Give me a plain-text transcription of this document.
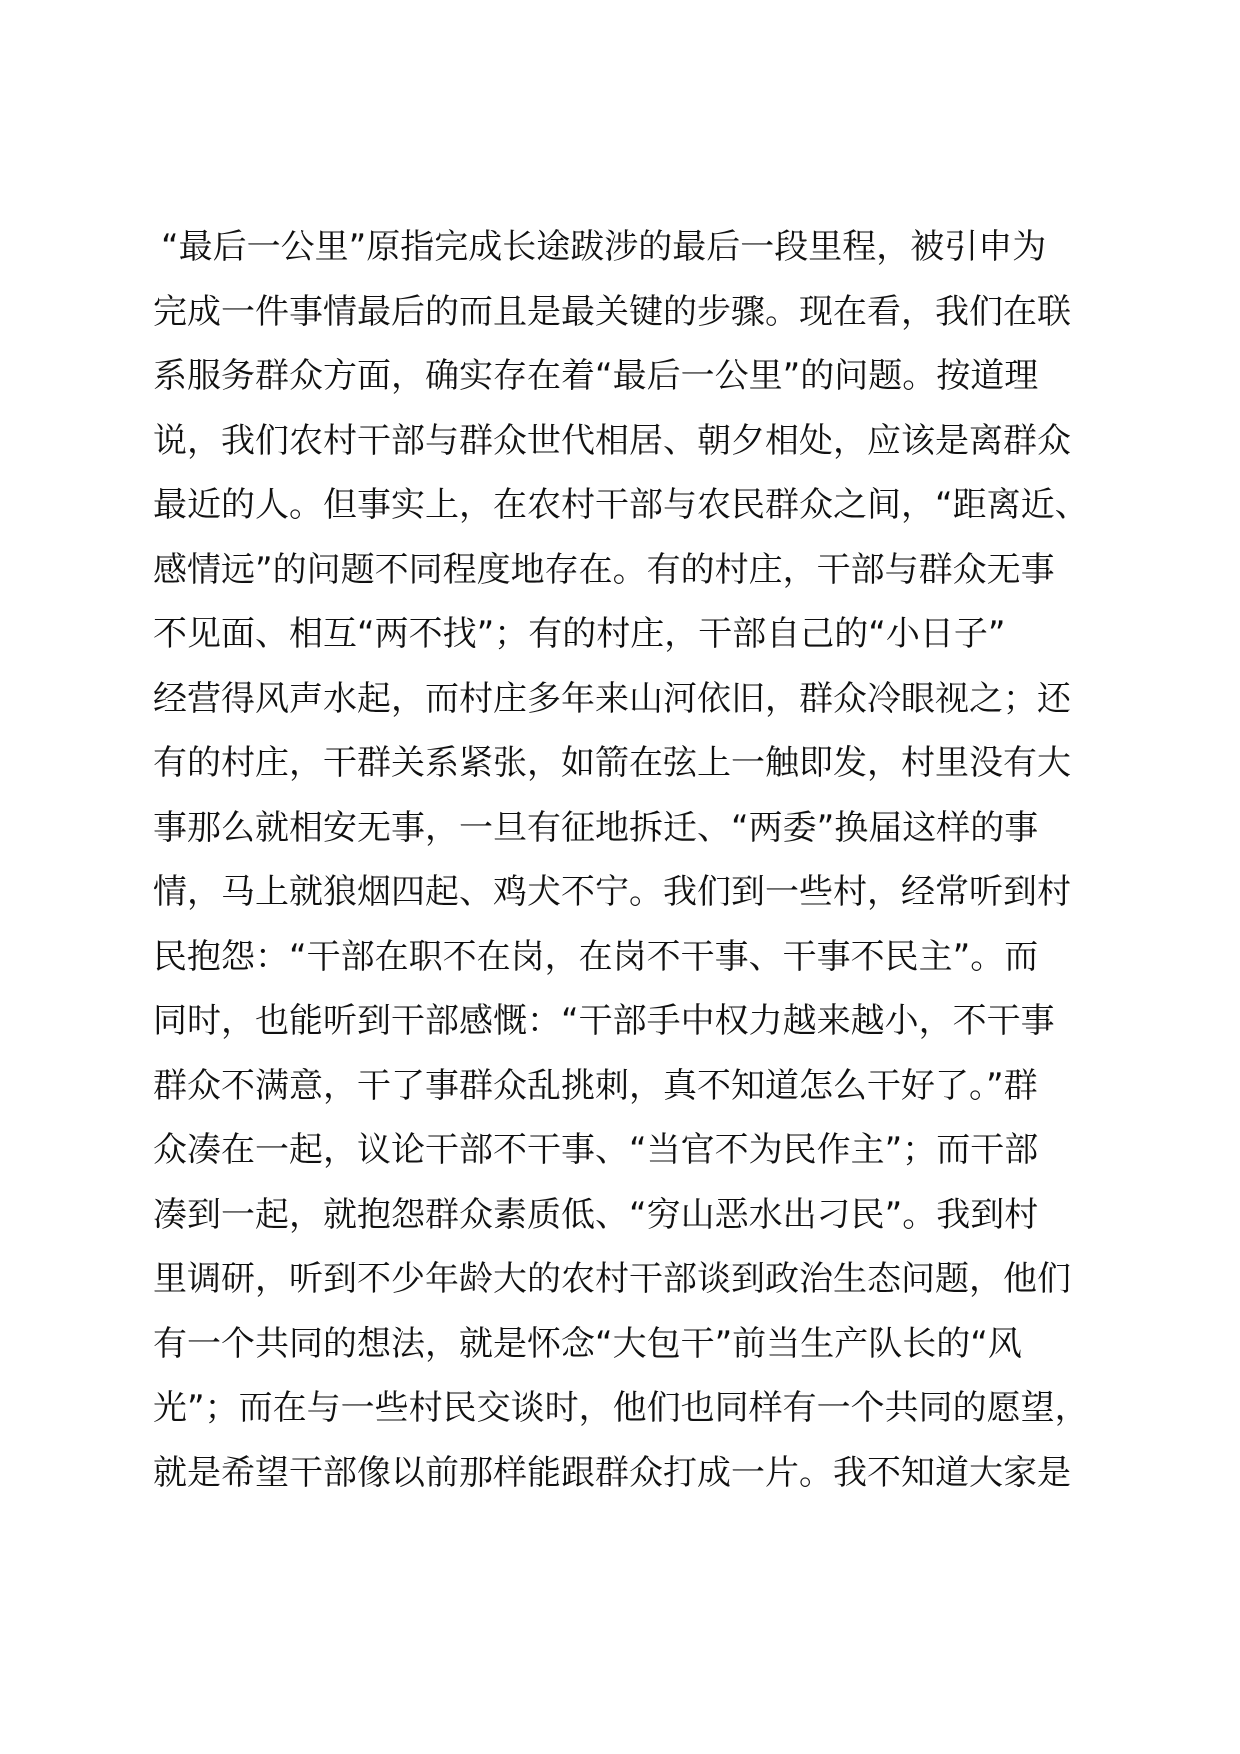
“最后一公里”原指完成长途跋涉的最后一段里程，被引申为
完成一件事情最后的而且是最关键的步骤。现在看，我们在联
系服务群众方面，确实存在着“最后一公里”的问题。按道理
说，我们农村干部与群众世代相居、朝夕相处，应该是离群众
最近的人。但事实上，在农村干部与农民群众之间，“距离近、
感情远”的问题不同程度地存在。有的村庄，干部与群众无事
不见面、相互“两不找”；有的村庄，干部自己的“小日子”
经营得风声水起，而村庄多年来山河依旧，群众冷眼视之；还
有的村庄，干群关系紧张，如箭在弦上一触即发，村里没有大
事那么就相安无事，一旦有征地拆迁、“两委”换届这样的事
情，马上就狼烟四起、鸡犬不宁。我们到一些村，经常听到村
民抱怨：“干部在职不在岗，在岗不干事、干事不民主”。而
同时，也能听到干部感慨：“干部手中权力越来越小，不干事
群众不满意，干了事群众乱挑刺，真不知道怎么干好了。”群
众凑在一起，议论干部不干事、“当官不为民作主”；而干部
凑到一起，就抱怨群众素质低、“穷山恶水出刁民”。我到村
里调研，听到不少年龄大的农村干部谈到政治生态问题，他们
有一个共同的想法，就是怀念“大包干”前当生产队长的“风
光”；而在与一些村民交谈时，他们也同样有一个共同的愿望，
就是希望干部像以前那样能跟群众打成一片。我不知道大家是
